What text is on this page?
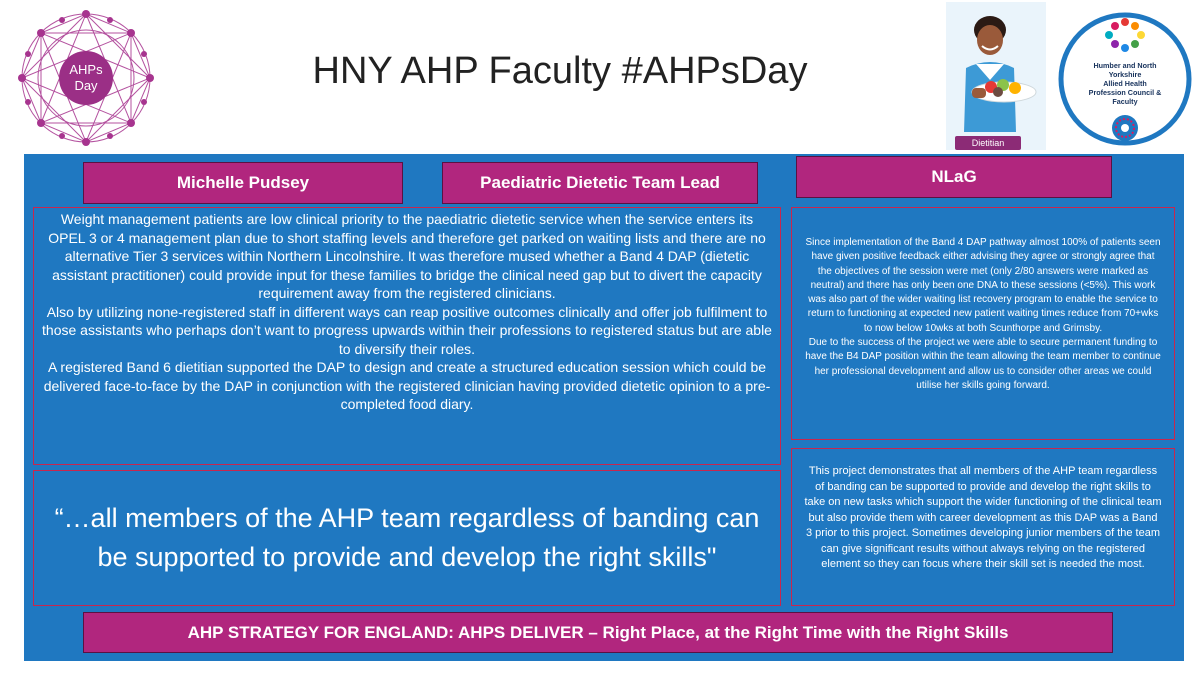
AHPs
Day	HNY AHP Faculty #AHPsDay
Dietitian
Humber and North
Yorkshire
Allied Health
Profession Council &
Faculty
Michelle Pudsey	Paediatric Dietetic Team Lead	NLaG

Weight management patients are low clinical priority to the paediatric dietetic service when the service enters its OPEL 3 or 4 management plan due to short staffing levels and therefore get parked on waiting lists and there are no alternative Tier 3 services within Northern Lincolnshire. It was therefore mused whether a Band 4 DAP (dietetic assistant practitioner) could provide input for these families to bridge the clinical need gap but to divert the capacity requirement away from the registered clinicians.

Also by utilizing none-registered staff in different ways can reap positive outcomes clinically and offer job fulfilment to those assistants who perhaps don’t want to progress upwards within their professions to registered status but are able to diversify their roles.

A registered Band 6 dietitian supported the DAP to design and create a structured education session which could be delivered face-to-face by the DAP in conjunction with the registered clinician having provided dietetic opinion to a pre-completed food diary.

“…all members of the AHP team regardless of banding can be supported to provide and develop the right skills"

Since implementation of the Band 4 DAP pathway almost 100% of patients seen have given positive feedback either advising they agree or strongly agree that the objectives of the session were met (only 2/80 answers were marked as neutral) and there has only been one DNA to these sessions (<5%). This work was also part of the wider waiting list recovery program to enable the service to return to functioning at expected new patient waiting times reduce from 70+wks to now below 10wks at both Scunthorpe and Grimsby.

Due to the success of the project we were able to secure permanent funding to have the B4 DAP position within the team allowing the team member to continue her professional development and allow us to consider other areas we could utilise her skills going forward.

This project demonstrates that all members of the AHP team regardless of banding can be supported to provide and develop the right skills to take on new tasks which support the wider functioning of the clinical team but also provide them with career development as this DAP was a Band 3 prior to this project. Sometimes developing junior members of the team can give significant results without always relying on the registered element so they can focus where their skill set is needed the most.
AHP STRATEGY FOR ENGLAND: AHPS DELIVER – Right Place, at the Right Time with the Right Skills
